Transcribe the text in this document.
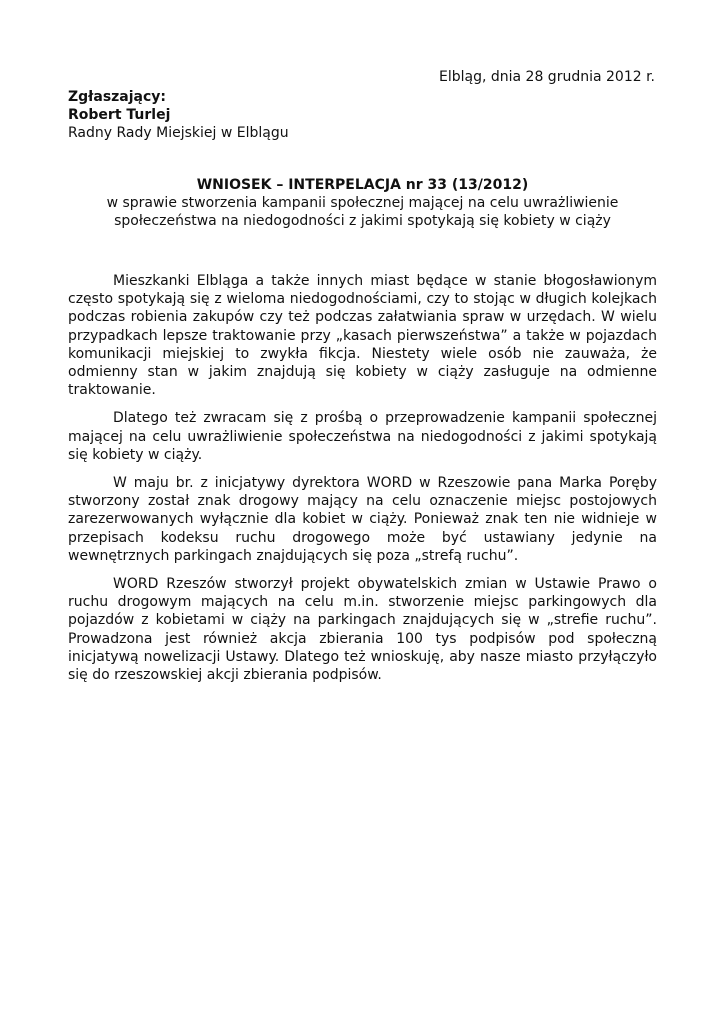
Elbląg, dnia 28 grudnia 2012 r.
Zgłaszający:
Robert Turlej
Radny Rady Miejskiej w Elblągu
WNIOSEK – INTERPELACJA nr 33 (13/2012)
w sprawie stworzenia kampanii społecznej mającej na celu uwrażliwienie
społeczeństwa na niedogodności z jakimi spotykają się kobiety w ciąży

Mieszkanki Elbląga a także innych miast będące w stanie błogosławionym często spotykają się z wieloma niedogodnościami, czy to stojąc w długich kolejkach podczas robienia zakupów czy też podczas załatwiania spraw w urzędach. W wielu przypadkach lepsze traktowanie przy „kasach pierwszeństwa” a także w pojazdach komunikacji miejskiej to zwykła fikcja. Niestety wiele osób nie zauważa, że odmienny stan w jakim znajdują się kobiety w ciąży zasługuje na odmienne traktowanie.

Dlatego też zwracam się z prośbą o przeprowadzenie kampanii społecznej mającej na celu uwrażliwienie społeczeństwa na niedogodności z jakimi spotykają się kobiety w ciąży.

W maju br. z inicjatywy dyrektora WORD w Rzeszowie pana Marka Poręby stworzony został znak drogowy mający na celu oznaczenie miejsc postojowych zarezerwowanych wyłącznie dla kobiet w ciąży. Ponieważ znak ten nie widnieje w przepisach kodeksu ruchu drogowego może być ustawiany jedynie na wewnętrznych parkingach znajdujących się poza „strefą ruchu”.

WORD Rzeszów stworzył projekt obywatelskich zmian w Ustawie Prawo o ruchu drogowym mających na celu m.in. stworzenie miejsc parkingowych dla pojazdów z kobietami w ciąży na parkingach znajdujących się w „strefie ruchu”. Prowadzona jest również akcja zbierania 100 tys podpisów pod społeczną inicjatywą nowelizacji Ustawy. Dlatego też wnioskuję, aby nasze miasto przyłączyło się do rzeszowskiej akcji zbierania podpisów.
